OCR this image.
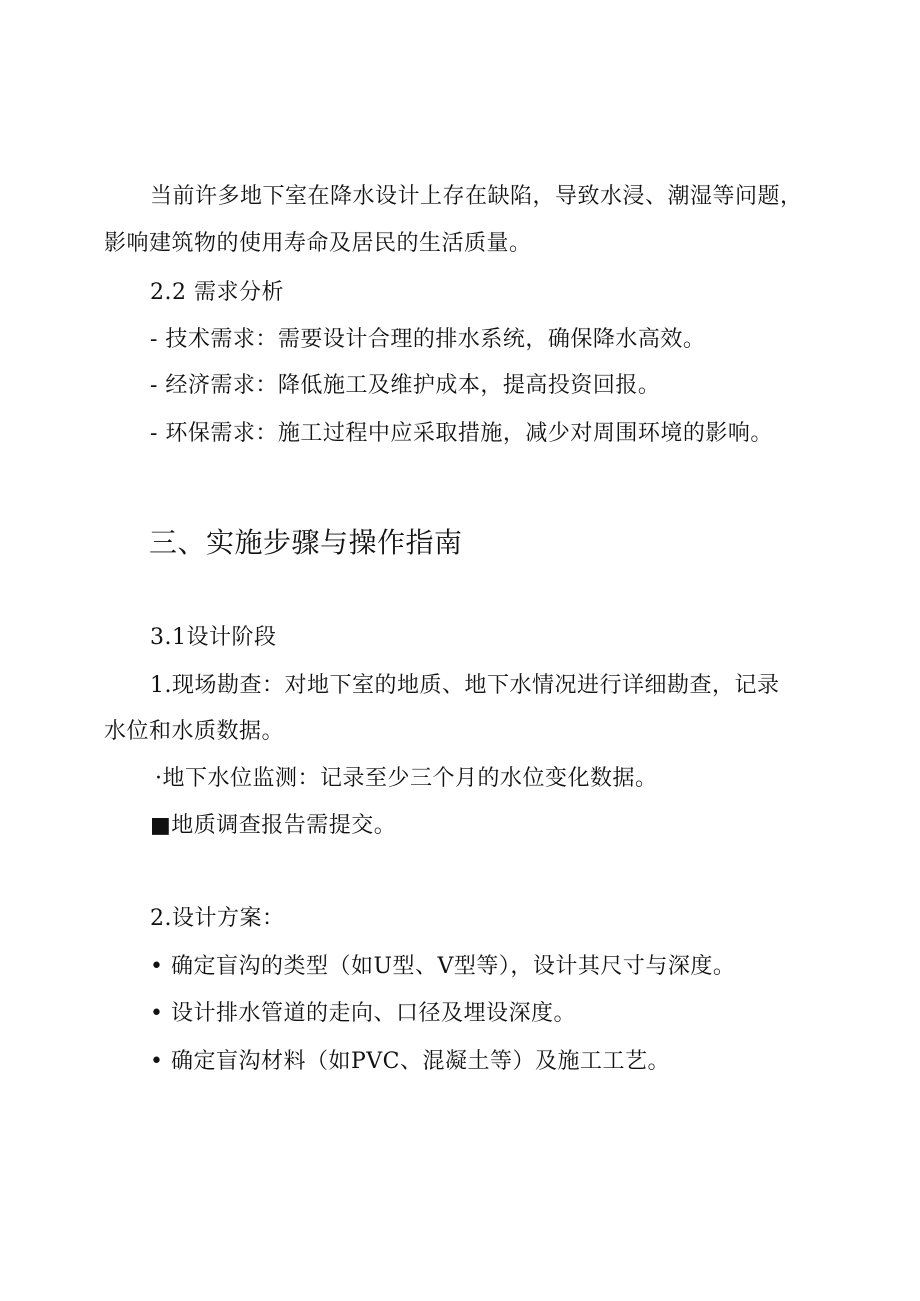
当前许多地下室在降水设计上存在缺陷，导致水浸、潮湿等问题，
影响建筑物的使用寿命及居民的生活质量。
2.2 需求分析
- 技术需求：需要设计合理的排水系统，确保降水高效。
- 经济需求：降低施工及维护成本，提高投资回报。
- 环保需求：施工过程中应采取措施，减少对周围环境的影响。
三、实施步骤与操作指南
3.1设计阶段
1.现场勘查：对地下室的地质、地下水情况进行详细勘查，记录
水位和水质数据。
·地下水位监测：记录至少三个月的水位变化数据。
■地质调查报告需提交。
2.设计方案：
• 确定盲沟的类型（如U型、V型等），设计其尺寸与深度。
• 设计排水管道的走向、口径及埋设深度。
• 确定盲沟材料（如PVC、混凝土等）及施工工艺。
